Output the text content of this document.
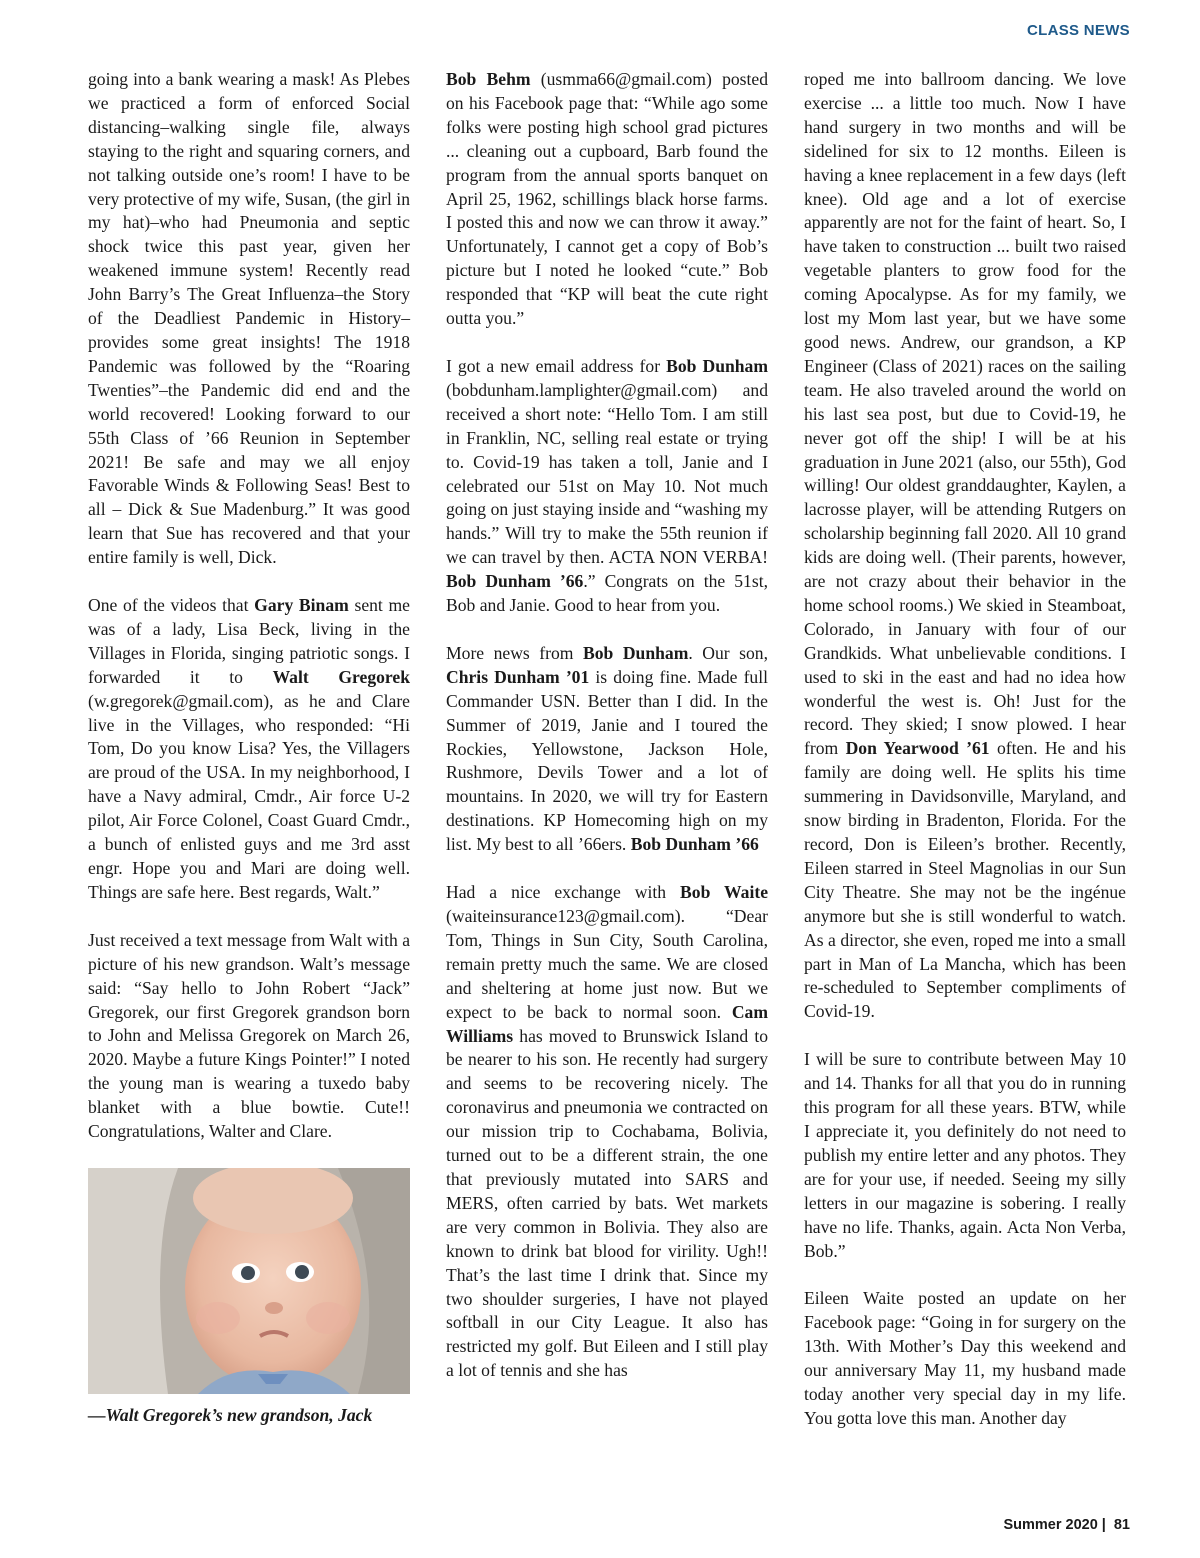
CLASS NEWS

going into a bank wearing a mask! As Plebes we practiced a form of enforced Social distancing–walking single file, always staying to the right and squaring corners, and not talking outside one’s room! I have to be very protective of my wife, Susan, (the girl in my hat)–who had Pneumonia and septic shock twice this past year, given her weakened immune system! Recently read John Barry’s The Great Influenza–the Story of the Deadliest Pandemic in History–provides some great insights! The 1918 Pandemic was followed by the “Roaring Twenties”–the Pandemic did end and the world recovered! Looking forward to our 55th Class of ’66 Reunion in September 2021! Be safe and may we all enjoy Favorable Winds & Following Seas! Best to all – Dick & Sue Madenburg.” It was good learn that Sue has recovered and that your entire family is well, Dick.

One of the videos that Gary Binam sent me was of a lady, Lisa Beck, living in the Villages in Florida, singing patriotic songs. I forwarded it to Walt Gregorek (w.gregorek@gmail.com), as he and Clare live in the Villages, who responded: “Hi Tom, Do you know Lisa? Yes, the Villagers are proud of the USA. In my neighborhood, I have a Navy admiral, Cmdr., Air force U-2 pilot, Air Force Colonel, Coast Guard Cmdr., a bunch of enlisted guys and me 3rd asst engr. Hope you and Mari are doing well. Things are safe here. Best regards, Walt.”

Just received a text message from Walt with a picture of his new grandson. Walt’s message said: “Say hello to John Robert “Jack” Gregorek, our first Gregorek grandson born to John and Melissa Gregorek on March 26, 2020. Maybe a future Kings Pointer!” I noted the young man is wearing a tuxedo baby blanket with a blue bowtie. Cute!! Congratulations, Walter and Clare.

—Walt Gregorek’s new grandson, Jack

Bob Behm (usmma66@gmail.com) posted on his Facebook page that: “While ago some folks were posting high school grad pictures ... cleaning out a cupboard, Barb found the program from the annual sports banquet on April 25, 1962, schillings black horse farms. I posted this and now we can throw it away.” Unfortunately, I cannot get a copy of Bob’s picture but I noted he looked “cute.” Bob responded that “KP will beat the cute right outta you.”

I got a new email address for Bob Dunham (bobdunham.lamplighter@gmail.com) and received a short note: “Hello Tom. I am still in Franklin, NC, selling real estate or trying to. Covid-19 has taken a toll, Janie and I celebrated our 51st on May 10. Not much going on just staying inside and “washing my hands.” Will try to make the 55th reunion if we can travel by then. ACTA NON VERBA! Bob Dunham ’66.” Congrats on the 51st, Bob and Janie. Good to hear from you.

More news from Bob Dunham. Our son, Chris Dunham ’01 is doing fine. Made full Commander USN. Better than I did. In the Summer of 2019, Janie and I toured the Rockies, Yellowstone, Jackson Hole, Rushmore, Devils Tower and a lot of mountains. In 2020, we will try for Eastern destinations. KP Homecoming high on my list. My best to all ’66ers. Bob Dunham ’66

Had a nice exchange with Bob Waite (waiteinsurance123@gmail.com). “Dear Tom, Things in Sun City, South Carolina, remain pretty much the same. We are closed and sheltering at home just now. But we expect to be back to normal soon. Cam Williams has moved to Brunswick Island to be nearer to his son. He recently had surgery and seems to be recovering nicely. The coronavirus and pneumonia we contracted on our mission trip to Cochabama, Bolivia, turned out to be a different strain, the one that previously mutated into SARS and MERS, often carried by bats. Wet markets are very common in Bolivia. They also are known to drink bat blood for virility. Ugh!! That’s the last time I drink that. Since my two shoulder surgeries, I have not played softball in our City League. It also has restricted my golf. But Eileen and I still play a lot of tennis and she has

roped me into ballroom dancing. We love exercise ... a little too much. Now I have hand surgery in two months and will be sidelined for six to 12 months. Eileen is having a knee replacement in a few days (left knee). Old age and a lot of exercise apparently are not for the faint of heart. So, I have taken to construction ... built two raised vegetable planters to grow food for the coming Apocalypse. As for my family, we lost my Mom last year, but we have some good news. Andrew, our grandson, a KP Engineer (Class of 2021) races on the sailing team. He also traveled around the world on his last sea post, but due to Covid-19, he never got off the ship! I will be at his graduation in June 2021 (also, our 55th), God willing! Our oldest granddaughter, Kaylen, a lacrosse player, will be attending Rutgers on scholarship beginning fall 2020. All 10 grand kids are doing well. (Their parents, however, are not crazy about their behavior in the home school rooms.) We skied in Steamboat, Colorado, in January with four of our Grandkids. What unbelievable conditions. I used to ski in the east and had no idea how wonderful the west is. Oh! Just for the record. They skied; I snow plowed. I hear from Don Yearwood ’61 often. He and his family are doing well. He splits his time summering in Davidsonville, Maryland, and snow birding in Bradenton, Florida. For the record, Don is Eileen’s brother. Recently, Eileen starred in Steel Magnolias in our Sun City Theatre. She may not be the ingénue anymore but she is still wonderful to watch. As a director, she even, roped me into a small part in Man of La Mancha, which has been re-scheduled to September compliments of Covid-19.

I will be sure to contribute between May 10 and 14. Thanks for all that you do in running this program for all these years. BTW, while I appreciate it, you definitely do not need to publish my entire letter and any photos. They are for your use, if needed. Seeing my silly letters in our magazine is sobering. I really have no life. Thanks, again. Acta Non Verba, Bob.”

Eileen Waite posted an update on her Facebook page: “Going in for surgery on the 13th. With Mother’s Day this weekend and our anniversary May 11, my husband made today another very special day in my life. You gotta love this man. Another day

Summer 2020 | 81
